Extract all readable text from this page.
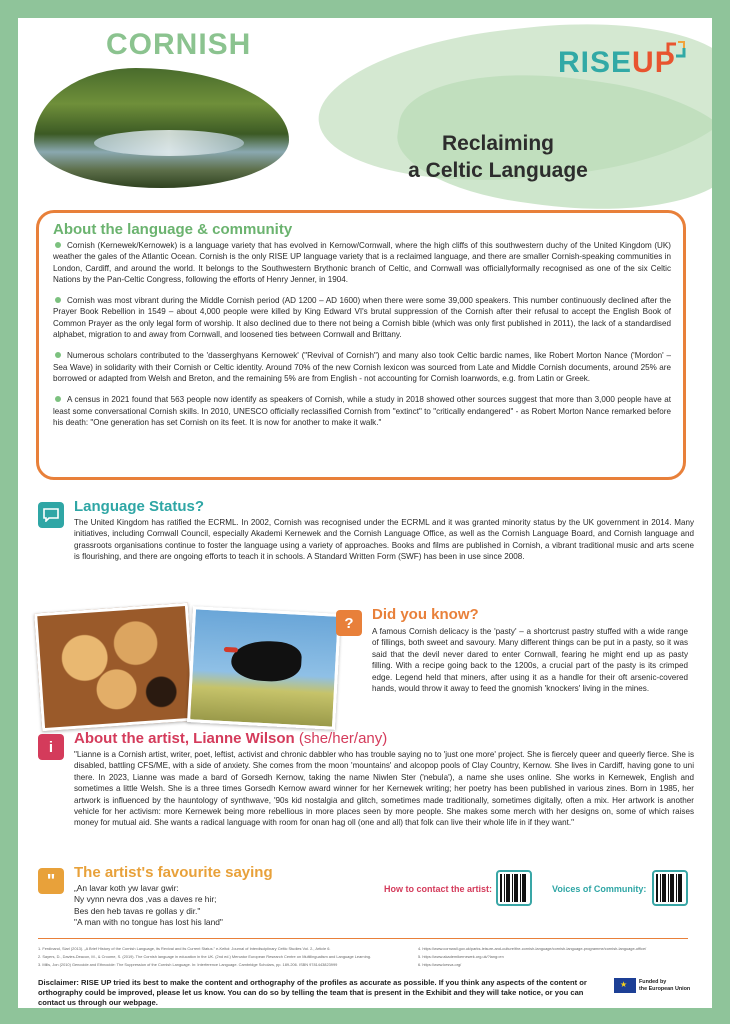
CORNISH
RISEUP
Reclaiming
a Celtic Language
About the language & community

Cornish (Kernewek/Kernowek) is a language variety that has evolved in Kernow/Cornwall, where the high cliffs of this southwestern duchy of the United Kingdom (UK) weather the gales of the Atlantic Ocean. Cornish is the only RISE UP language variety that is a reclaimed language, and there are smaller Cornish-speaking communities in London, Cardiff, and around the world. It belongs to the Southwestern Brythonic branch of Celtic, and Cornwall was officiallyformally recognised as one of the six Celtic Nations by the Pan-Celtic Congress, following the efforts of Henry Jenner, in 1904.

Cornish was most vibrant during the Middle Cornish period (AD 1200 – AD 1600) when there were some 39,000 speakers. This number continuously declined after the Prayer Book Rebellion in 1549 – about 4,000 people were killed by King Edward VI's brutal suppression of the Cornish after their refusal to accept the English Book of Common Prayer as the only legal form of worship. It also declined due to there not being a Cornish bible (which was only first published in 2011), the lack of a standardised alphabet, migration to and away from Cornwall, and loosened ties between Cornwall and Brittany.

Numerous scholars contributed to the 'dasserghyans Kernowek' ("Revival of Cornish") and many also took Celtic bardic names, like Robert Morton Nance ('Mordon' – Sea Wave) in solidarity with their Cornish or Celtic identity. Around 70% of the new Cornish lexicon was sourced from Late and Middle Cornish documents, around 25% are borrowed or adapted from Welsh and Breton, and the remaining 5% are from English - not accounting for Cornish loanwords, e.g. from Latin or Greek.

A census in 2021 found that 563 people now identify as speakers of Cornish, while a study in 2018 showed other sources suggest that more than 3,000 people have at least some conversational Cornish skills. In 2010, UNESCO officially reclassified Cornish from "extinct" to "critically endangered" - as Robert Morton Nance remarked before his death: "One generation has set Cornish on its feet. It is now for another to make it walk."

Language Status?

The United Kingdom has ratified the ECRML. In 2002, Cornish was recognised under the ECRML and it was granted minority status by the UK government in 2014. Many initiatives, including Cornwall Council, especially Akademi Kernewek and the Cornish Language Office, as well as the Cornish Language Board, and Cornish language and grassroots organisations continue to foster the language using a variety of approaches. Books and films are published in Cornish, a vibrant traditional music and arts scene is flourishing, and there are ongoing efforts to teach it in schools. A Standard Written Form (SWF) has been in use since 2008.

?	Did you know?

A famous Cornish delicacy is the 'pasty' – a shortcrust pastry stuffed with a wide range of fillings, both sweet and savoury. Many different things can be put in a pasty, so it was said that the devil never dared to enter Cornwall, fearing he might end up as pasty filling. With a recipe going back to the 1200s, a crucial part of the pasty is its crimped edge. Legend held that miners, after using it as a handle for their oft arsenic-covered hands, would throw it away to feed the gnomish 'knockers' living in the mines.

i	About the artist, Lianne Wilson (she/her/any)

"Lianne is a Cornish artist, writer, poet, leftist, activist and chronic dabbler who has trouble saying no to 'just one more' project. She is fiercely queer and queerly fierce. She is disabled, battling CFS/ME, with a side of anxiety. She comes from the moon 'mountains' and alcopop pools of Clay Country, Kernow. She lives in Cardiff, having gone to uni there. In 2023, Lianne was made a bard of Gorsedh Kernow, taking the name Niwlen Ster ('nebula'), a name she uses online. She works in Kernewek, English and sometimes a little Welsh. She is a three times Gorsedh Kernow award winner for her Kernewek writing; her poetry has been published in various zines. Born in 1985, her artwork is influenced by the hauntology of synthwave, '90s kid nostalgia and glitch, sometimes made traditionally, sometimes digitally, often a mix. Her artwork is another vehicle for her activism: more Kernewek being more rebellious in more places seen by more people. She makes some merch with her designs on, some of which raises money for mutual aid. She wants a radical language with room for onan hag oll (one and all) that folk can live their whole life in if they want."

"	The artist's favourite saying
„An lavar koth yw lavar gwir:
Ny vynn nevra dos ,vas a daves re hir;
Bes den heb tavas re gollas y dir."
"A man with no tongue has lost his land"
How to contact the artist:	Voices of Community:
1. Ferdinand, Siarl (2013). „A Brief History of the Cornish Language, its Revival and its Current Status." e-Keltoi: Journal of Interdisciplinary Celtic Studies Vol. 2., Article 6.
2. Sayers, D., Davies-Deacon, M., & Croome, S. (2019). The Cornish language in education in the UK. (2nd ed.) Mercator European Research Centre on Multilingualism and Language Learning.
3. Mills, Jon (2010) Genocide and Ethnocide: The Suppression of the Cornish Language. In: Interference Language. Cambridge Scholars, pp. 189-206. ISBN 9781443823999
4. https://www.cornwall.gov.uk/parks-leisure-and-culture/the-cornish-language/cornish-language-programme/cornish-language-office/
5. https://www.akademikernewek.org.uk/?lang=en
6. https://www.kesva.org/
Disclaimer: RISE UP tried its best to make the content and orthography of the profiles as accurate as possible. If you think any aspects of the content or orthography could be improved, please let us know. You can do so by telling the team that is present in the Exhibit and they will take notice, or you can contact us through our webpage.
★ Funded by
the European Union
